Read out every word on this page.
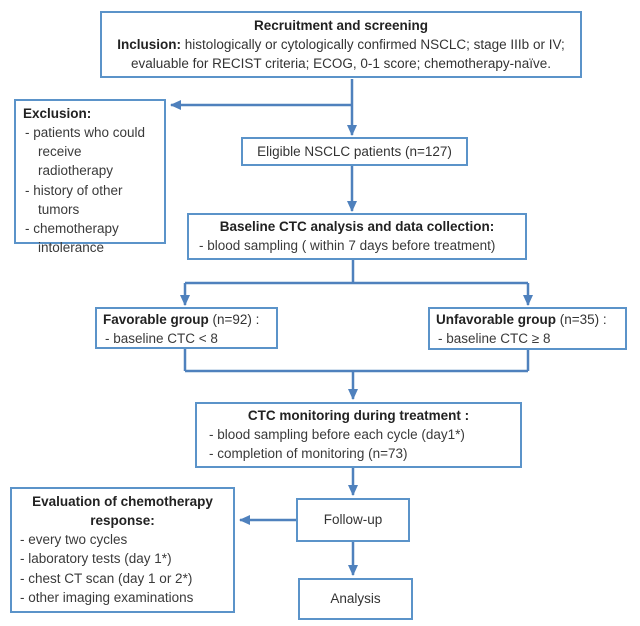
Recruitment and screening
Inclusion: histologically or cytologically confirmed NSCLC; stage IIIb or IV; evaluable for RECIST criteria; ECOG, 0-1 score; chemotherapy-naïve.
Exclusion:
- patients who could receive radiotherapy
- history of other tumors
- chemotherapy intolerance
Eligible NSCLC patients (n=127)
Baseline CTC analysis and data collection:
- blood sampling ( within 7 days before treatment)
Favorable group (n=92) :
- baseline CTC < 8
Unfavorable group (n=35) :
- baseline CTC ≥ 8
CTC monitoring during treatment :
- blood sampling before each cycle (day1*)
- completion of monitoring (n=73)
Evaluation of chemotherapy response:
- every two cycles
- laboratory tests (day 1*)
- chest CT scan (day 1 or 2*)
- other imaging examinations
Follow-up
Analysis
